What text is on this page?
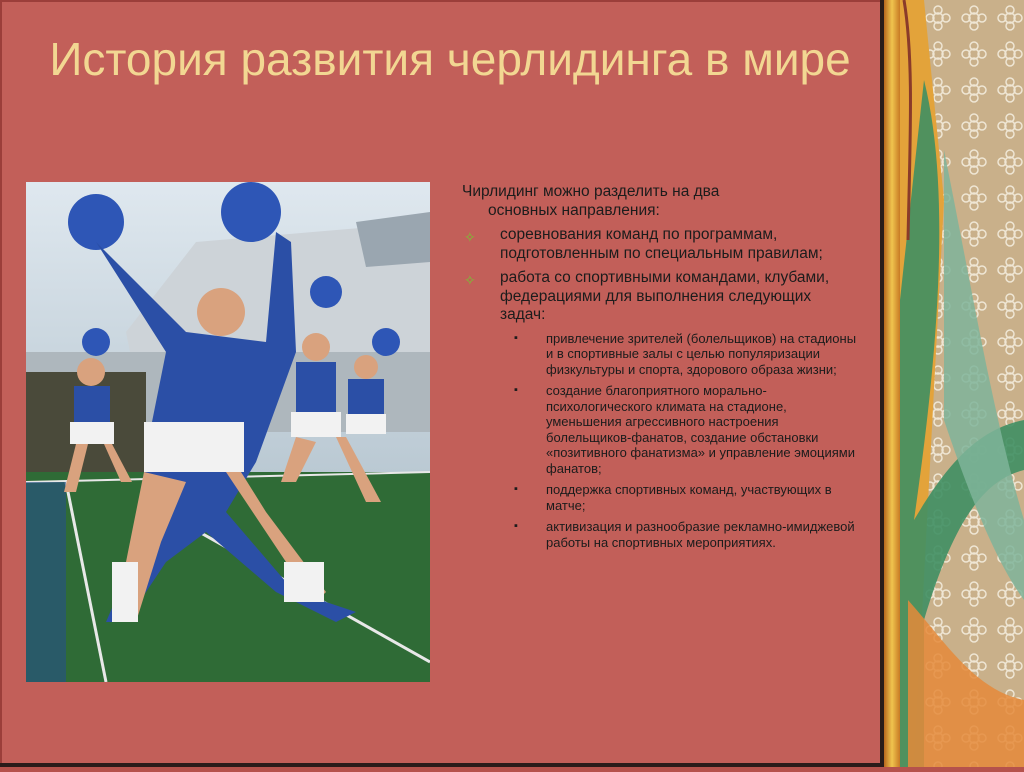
История развития черлидинга в мире

Чирлидинг можно разделить на два
основных направления:

✧ соревнования команд по программам, подготовленным по специальным правилам;
✧ работа со спортивными командами, клубами, федерациями для выполнения следующих задач:
▪ привлечение зрителей (болельщиков) на стадионы и в спортивные залы с целью популяризации физкультуры и спорта, здорового образа жизни;
▪ создание благоприятного морально-психологического климата на стадионе, уменьшения агрессивного настроения болельщиков-фанатов, создание обстановки «позитивного фанатизма» и управление эмоциями фанатов;
▪ поддержка спортивных команд, участвующих в матче;
▪ активизация и разнообразие рекламно-имиджевой работы на спортивных мероприятиях.
